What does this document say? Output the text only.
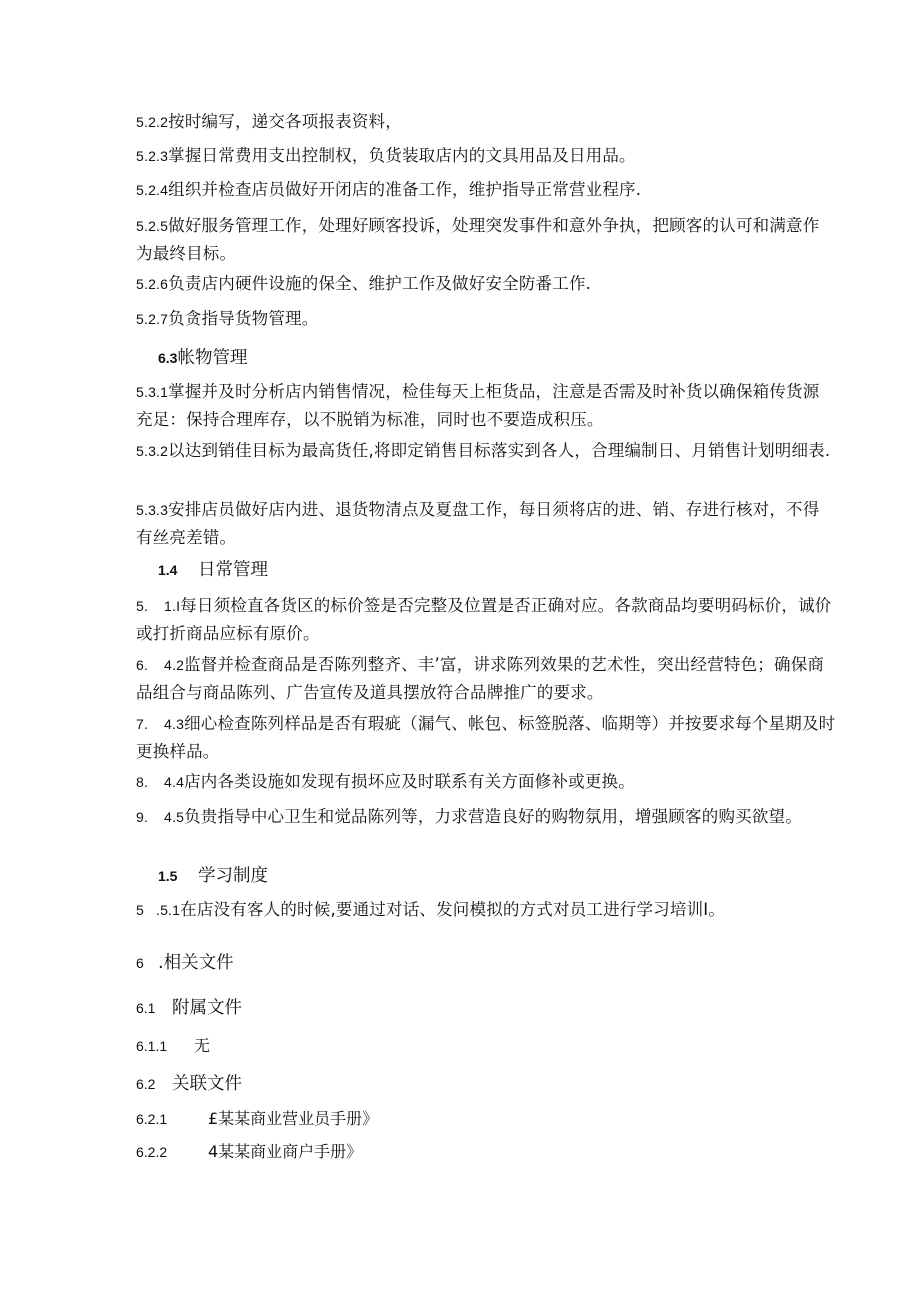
5.2.2按时编写，递交各项报表资料，
5.2.3掌握日常费用支出控制权，负货装取店内的文具用品及日用品。
5.2.4组织并检查店员做好开闭店的准备工作，维护指导正常营业程序.
5.2.5做好服务管理工作，处理好顾客投诉，处理突发事件和意外争执，把顾客的认可和满意作为最终目标。
5.2.6负责店内硬件设施的保全、维护工作及做好安全防番工作.
5.2.7负贪指导货物管理。
6.3帐物管理
5.3.1掌握并及时分析店内销售情况，检佳每天上柜货品，注意是否需及时补货以确保箱传货源充足：保持合理库存，以不脱销为标准，同时也不要造成积压。
5.3.2以达到销佳目标为最高货任,将即定销售目标落实到各人，合理编制日、月销售计划明细表.
5.3.3安排店员做好店内进、退货物清点及夏盘工作，每日须将店的进、销、存进行核对，不得有丝亮差错。
1.4 日常管理
5. 1.I每日须检直各货区的标价签是否完整及位置是否正确对应。各款商品均要明码标价，诚价或打折商品应标有原价。
6. 4.2监督并检查商品是否陈列整齐、丰’富，讲求陈列效果的艺术性，突出经营特色；确保商品组合与商品陈列、广告宣传及道具摆放符合品牌推广的要求。
7. 4.3细心检查陈列样品是否有瑕疵（漏气、帐包、标签脱落、临期等）并按要求每个星期及时更换样品。
8. 4.4店内各类设施如发现有损坏应及时联系有关方面修补或更换。
9. 4.5负贵指导中心卫生和觉品陈列等，力求营造良好的购物氛用，增强顾客的购买欲望。
1.5 学习制度
5 .5.1在店没有客人的时候,要通过对话、发问模拟的方式对员工进行学习培训I。
6 .相关文件
6.1 附属文件
6.1.1 无
6.2 关联文件
6.2.1	£某某商业营业员手册》
6.2.2	4某某商业商户手册》
